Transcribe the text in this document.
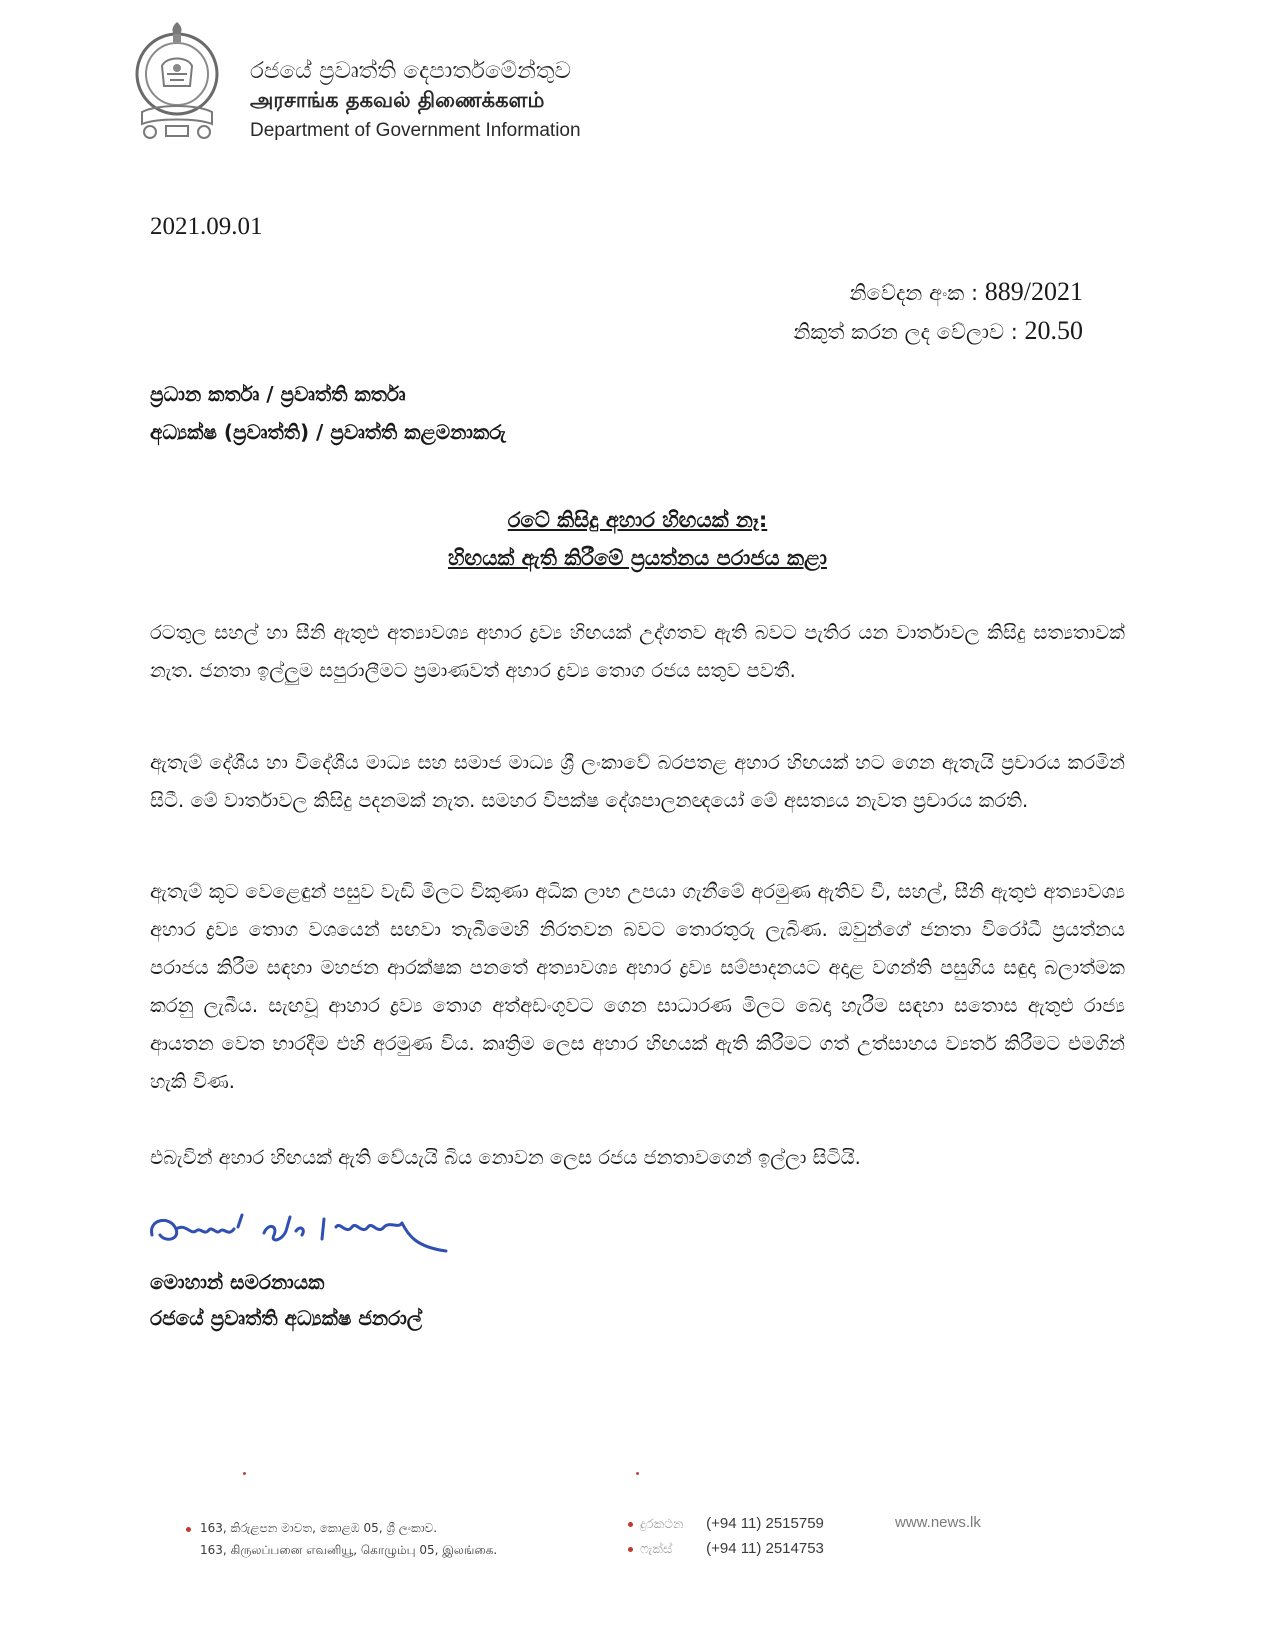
රජයේ ප්‍රවෘත්ති දෙපාර්තමේන්තුව
அரசாங்க தகவல் திணைக்களம்
Department of Government Information
2021.09.01
නිවේදන අංක : 889/2021
නිකුත් කරන ලද වේලාව : 20.50
ප්‍රධාන කර්තෘ / ප්‍රවෘත්ති කර්තෘ
අධ්‍යක්ෂ (ප්‍රවෘත්ති) / ප්‍රවෘත්ති කළමනාකරු
රටේ කිසිදු අහාර හිඟයක් නෑ:
හිඟයක් ඇති කිරීමේ ප්‍රයත්නය පරාජය කළා

රටතුල සහල් හා සීනි ඇතුළු අත්‍යාවශ්‍ය අහාර ද්‍රව්‍ය හිඟයක් උද්ගතව ඇති බවට පැතිර යන වාර්තාවල කිසිදු සත්‍යතාවක් නැත. ජනතා ඉල්ලුම සපුරාලීමට ප්‍රමාණවත් අහාර ද්‍රව්‍ය තොග රජය සතුව පවතී.

ඇතැම් දේශීය හා විදේශීය මාධ්‍ය සහ සමාජ මාධ්‍ය ශ්‍රී ලංකාවේ බරපතළ අහාර හිඟයක් හට ගෙන ඇතැයි ප්‍රචාරය කරමින් සිටී. මේ වාර්තාවල කිසිදු පදනමක් නැත. සමහර විපක්ෂ දේශපාලනඥයෝ මේ අසත්‍යය නැවත ප්‍රචාරය කරති.

ඇතැම් කූට වෙළෙඳුන් පසුව වැඩි මිලට විකුණා අධික ලාභ උපයා ගැනීමේ අරමුණ ඇතිව වී, සහල්, සීනි ඇතුළු අත්‍යාවශ්‍ය අහාර ද්‍රව්‍ය තොග වශයෙන් සඟවා තැබීමෙහි නිරතවන බවට තොරතුරු ලැබිණ. ඔවුන්ගේ ජනතා විරෝධී ප්‍රයත්නය පරාජය කිරීම සඳහා මහජන ආරක්ෂක පනතේ අත්‍යාවශ්‍ය අහාර ද්‍රව්‍ය සම්පාදනයට අදාළ වගන්ති පසුගිය සඳුදා බලාත්මක කරනු ලැබීය. සැඟවූ ආහාර ද්‍රව්‍ය තොග අත්අඩංගුවට ගෙන සාධාරණ මිලට බෙදා හැරීම සඳහා සතොස ඇතුළු රාජ්‍ය ආයතන වෙත භාරදීම එහි අරමුණ විය. කෘත්‍රිම ලෙස අහාර හිඟයක් ඇති කිරීමට ගත් උත්සාහය ව්‍යර්ත කිරීමට එමගින් හැකි විණ.

එබැවින් අහාර හිඟයක් ඇති වේයැයි බිය නොවන ලෙස රජය ජනතාවගෙන් ඉල්ලා සිටියි.

මොහාන් සමරනායක
රජයේ ප්‍රවෘත්ති අධ්‍යක්ෂ ජනරාල්
163, කිරුළපන මාවත, කොළඹ 05, ශ්‍රී ලංකාව.
163, கிருலப்பனை எவனியூ, கொழும்பு 05, இலங்கை.
දුරකථන (+94 11) 2515759
ෆැක්ස් (+94 11) 2514753
www.news.lk
